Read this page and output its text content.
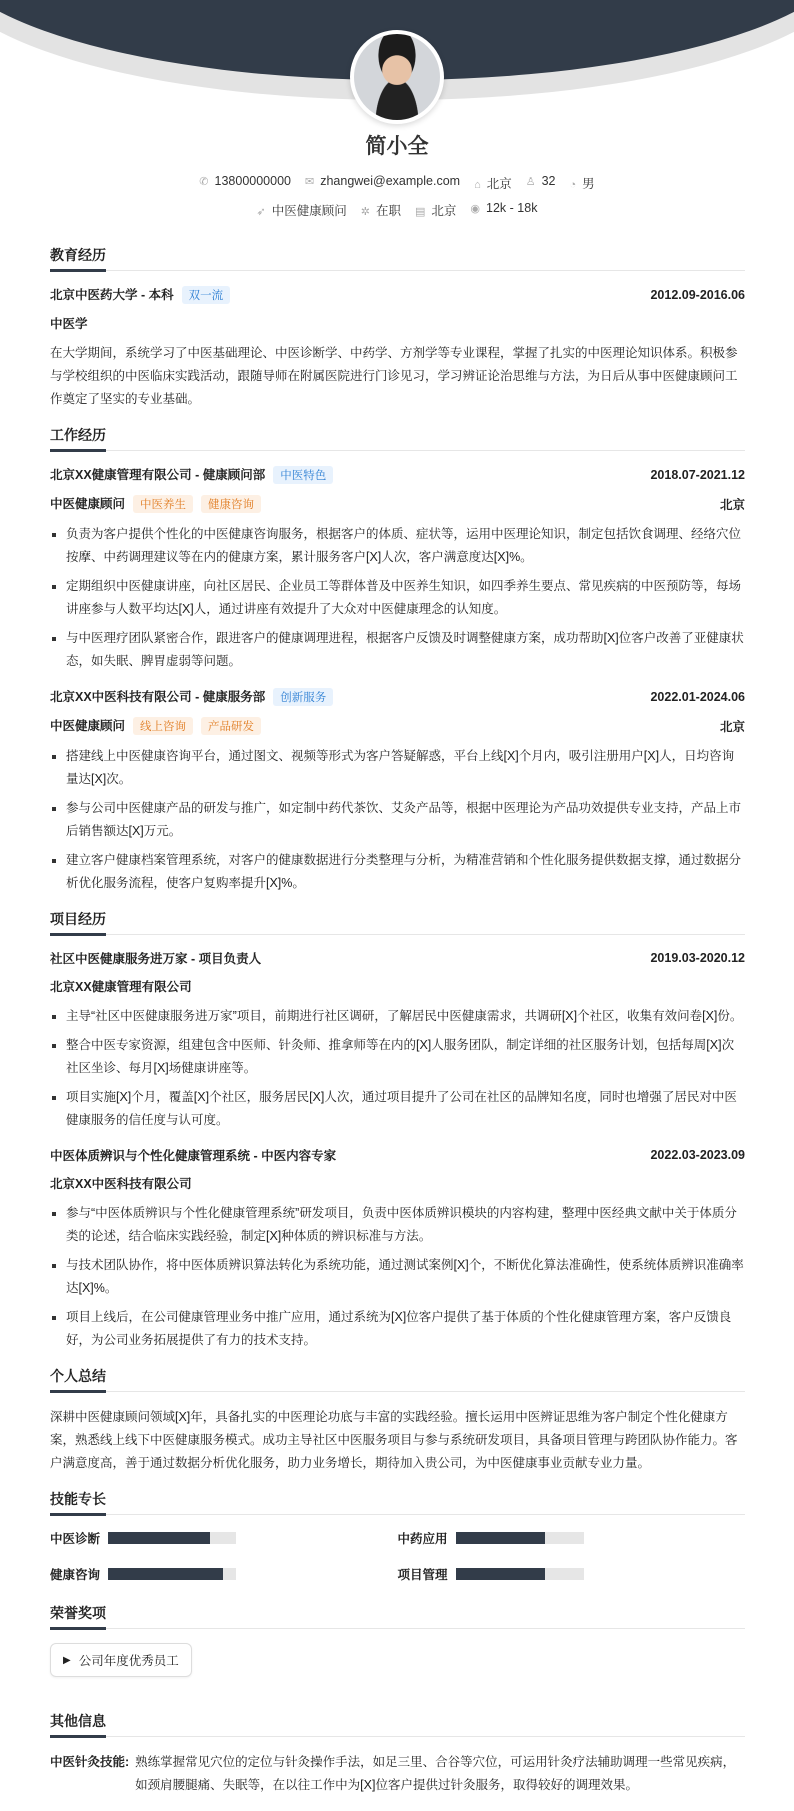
简小全
✆ 13800000000 ✉ zhangwei@example.com ⌂ 北京 ♙ 32 ◔ 男
➶ 中医健康顾问 ✲ 在职 ▤ 北京 ◉ 12k - 18k
教育经历
北京中医药大学 - 本科 双一流	2012.09-2016.06
中医学

在大学期间，系统学习了中医基础理论、中医诊断学、中药学、方剂学等专业课程，掌握了扎实的中医理论知识体系。积极参与学校组织的中医临床实践活动，跟随导师在附属医院进行门诊见习，学习辨证论治思维与方法，为日后从事中医健康顾问工作奠定了坚实的专业基础。

工作经历
北京XX健康管理有限公司 - 健康顾问部 中医特色	2018.07-2021.12
中医健康顾问 中医养生 健康咨询	北京
负责为客户提供个性化的中医健康咨询服务，根据客户的体质、症状等，运用中医理论知识，制定包括饮食调理、经络穴位按摩、中药调理建议等在内的健康方案，累计服务客户[X]人次，客户满意度达[X]%。
定期组织中医健康讲座，向社区居民、企业员工等群体普及中医养生知识，如四季养生要点、常见疾病的中医预防等，每场讲座参与人数平均达[X]人，通过讲座有效提升了大众对中医健康理念的认知度。
与中医理疗团队紧密合作，跟进客户的健康调理进程，根据客户反馈及时调整健康方案，成功帮助[X]位客户改善了亚健康状态，如失眠、脾胃虚弱等问题。
北京XX中医科技有限公司 - 健康服务部 创新服务	2022.01-2024.06
中医健康顾问 线上咨询 产品研发	北京
搭建线上中医健康咨询平台，通过图文、视频等形式为客户答疑解惑，平台上线[X]个月内，吸引注册用户[X]人，日均咨询量达[X]次。
参与公司中医健康产品的研发与推广，如定制中药代茶饮、艾灸产品等，根据中医理论为产品功效提供专业支持，产品上市后销售额达[X]万元。
建立客户健康档案管理系统，对客户的健康数据进行分类整理与分析，为精准营销和个性化服务提供数据支撑，通过数据分析优化服务流程，使客户复购率提升[X]%。
项目经历
社区中医健康服务进万家 - 项目负责人	2019.03-2020.12
北京XX健康管理有限公司
主导“社区中医健康服务进万家”项目，前期进行社区调研，了解居民中医健康需求，共调研[X]个社区，收集有效问卷[X]份。
整合中医专家资源，组建包含中医师、针灸师、推拿师等在内的[X]人服务团队，制定详细的社区服务计划，包括每周[X]次社区坐诊、每月[X]场健康讲座等。
项目实施[X]个月，覆盖[X]个社区，服务居民[X]人次，通过项目提升了公司在社区的品牌知名度，同时也增强了居民对中医健康服务的信任度与认可度。
中医体质辨识与个性化健康管理系统 - 中医内容专家	2022.03-2023.09
北京XX中医科技有限公司
参与“中医体质辨识与个性化健康管理系统”研发项目，负责中医体质辨识模块的内容构建，整理中医经典文献中关于体质分类的论述，结合临床实践经验，制定[X]种体质的辨识标准与方法。
与技术团队协作，将中医体质辨识算法转化为系统功能，通过测试案例[X]个，不断优化算法准确性，使系统体质辨识准确率达[X]%。
项目上线后，在公司健康管理业务中推广应用，通过系统为[X]位客户提供了基于体质的个性化健康管理方案，客户反馈良好，为公司业务拓展提供了有力的技术支持。
个人总结

深耕中医健康顾问领域[X]年，具备扎实的中医理论功底与丰富的实践经验。擅长运用中医辨证思维为客户制定个性化健康方案，熟悉线上线下中医健康服务模式。成功主导社区中医服务项目与参与系统研发项目，具备项目管理与跨团队协作能力。客户满意度高，善于通过数据分析优化服务，助力业务增长，期待加入贵公司，为中医健康事业贡献专业力量。

技能专长
中医诊断	中药应用
健康咨询	项目管理
荣誉奖项
▶ 公司年度优秀员工
其他信息
中医针灸技能: 熟练掌握常见穴位的定位与针灸操作手法，如足三里、合谷等穴位，可运用针灸疗法辅助调理一些常见疾病，如颈肩腰腿痛、失眠等，在以往工作中为[X]位客户提供过针灸服务，取得较好的调理效果。
